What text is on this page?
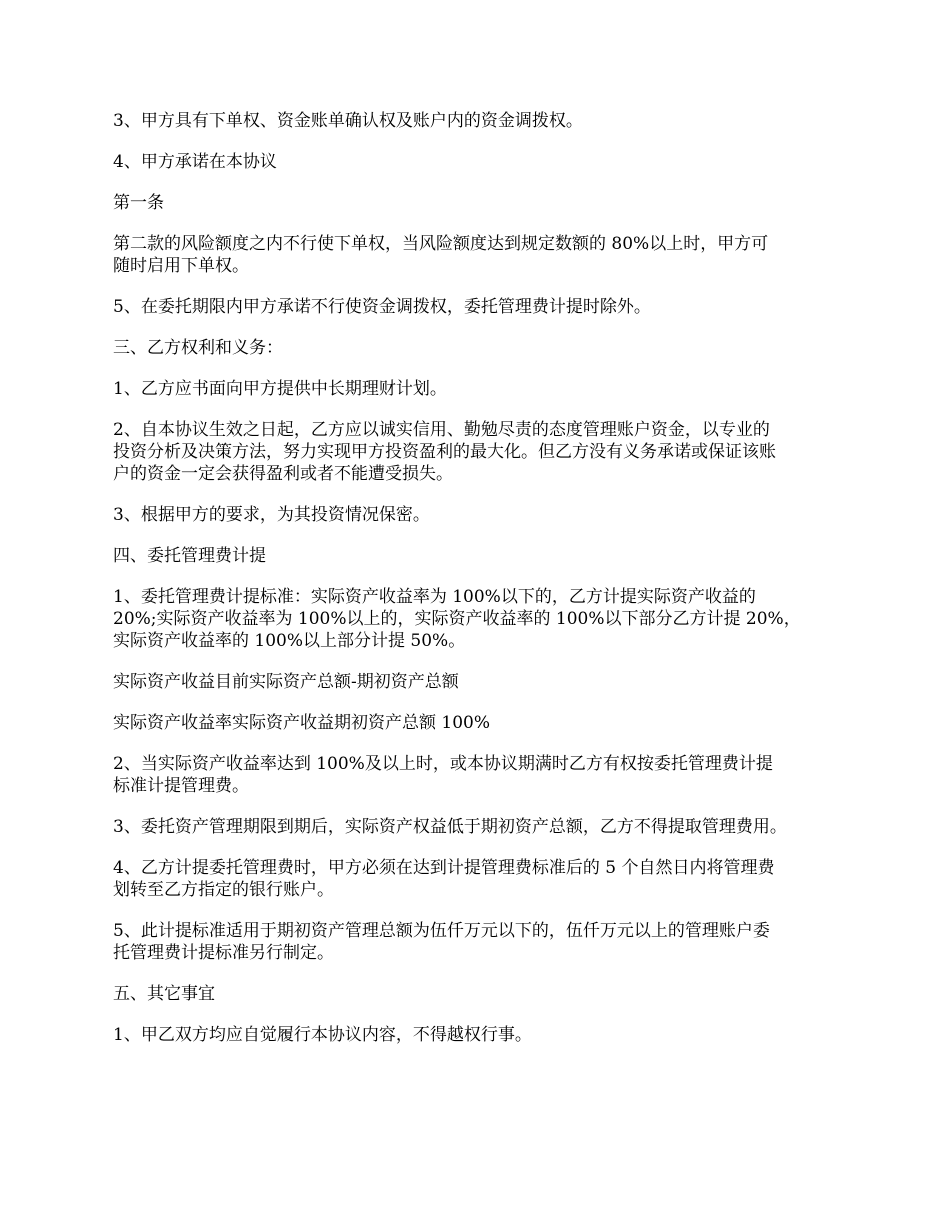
3、甲方具有下单权、资金账单确认权及账户内的资金调拨权。

4、甲方承诺在本协议

第一条

第二款的风险额度之内不行使下单权，当风险额度达到规定数额的 80%以上时，甲方可
随时启用下单权。

5、在委托期限内甲方承诺不行使资金调拨权，委托管理费计提时除外。

三、乙方权利和义务：

1、乙方应书面向甲方提供中长期理财计划。

2、自本协议生效之日起，乙方应以诚实信用、勤勉尽责的态度管理账户资金，以专业的
投资分析及决策方法，努力实现甲方投资盈利的最大化。但乙方没有义务承诺或保证该账
户的资金一定会获得盈利或者不能遭受损失。

3、根据甲方的要求，为其投资情况保密。

四、委托管理费计提

1、委托管理费计提标准：实际资产收益率为 100%以下的，乙方计提实际资产收益的
20%;实际资产收益率为 100%以上的，实际资产收益率的 100%以下部分乙方计提 20%，
实际资产收益率的 100%以上部分计提 50%。

实际资产收益目前实际资产总额-期初资产总额

实际资产收益率实际资产收益期初资产总额 100%

2、当实际资产收益率达到 100%及以上时，或本协议期满时乙方有权按委托管理费计提
标准计提管理费。

3、委托资产管理期限到期后，实际资产权益低于期初资产总额，乙方不得提取管理费用。

4、乙方计提委托管理费时，甲方必须在达到计提管理费标准后的 5 个自然日内将管理费
划转至乙方指定的银行账户。

5、此计提标准适用于期初资产管理总额为伍仟万元以下的，伍仟万元以上的管理账户委
托管理费计提标准另行制定。

五、其它事宜

1、甲乙双方均应自觉履行本协议内容，不得越权行事。
